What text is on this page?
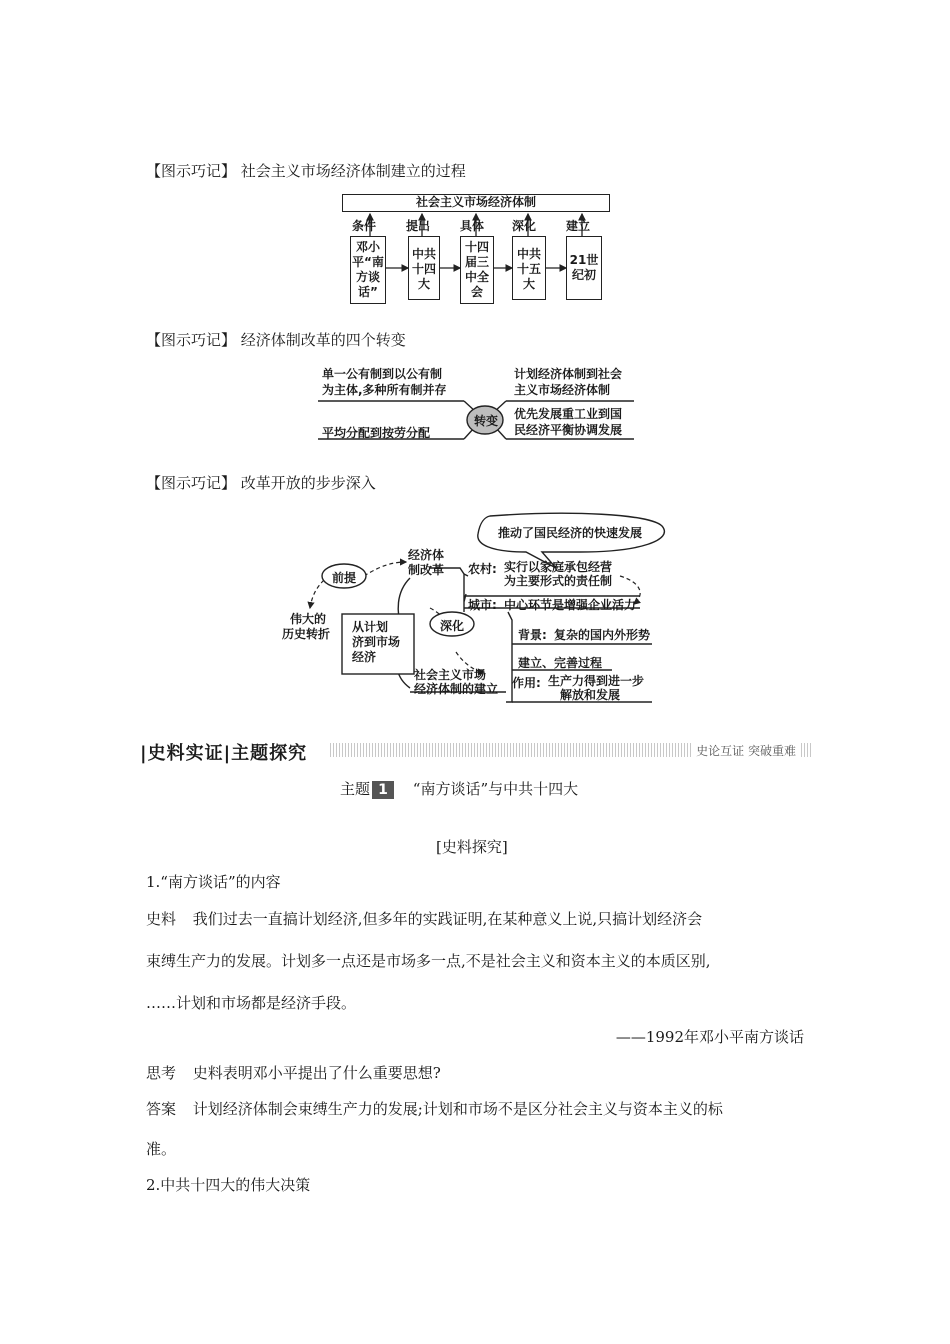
【图示巧记】 社会主义市场经济体制建立的过程
社会主义市场经济体制
条件 提出 具体 深化 建立
邓小
平“南
方谈
话”
中共
十四
大
十四
届三
中全
会
中共
十五
大
21世
纪初
【图示巧记】 经济体制改革的四个转变
转变
单一公有制到以公有制
为主体,多种所有制并存
平均分配到按劳分配
计划经济体制到社会
主义市场经济体制
优先发展重工业到国
民经济平衡协调发展
【图示巧记】 改革开放的步步深入
推动了国民经济的快速发展
经济体
制改革 农村: 实行以家庭承包经营
为主要形式的责任制
城市: 中心环节是增强企业活力
前提
伟大的
历史转折 从计划
济到市场
经济
深化
背景: 复杂的国内外形势
社会主义市场
经济体制的建立
建立、完善过程
作用: 生产力得到进一步
解放和发展
|史料实证|主题探究	史论互证 突破重难
主题 1 “南方谈话”与中共十四大
[史料探究]
1.“南方谈话”的内容
史料 我们过去一直搞计划经济,但多年的实践证明,在某种意义上说,只搞计划经济会
束缚生产力的发展。计划多一点还是市场多一点,不是社会主义和资本主义的本质区别,
……计划和市场都是经济手段。
——1992年邓小平南方谈话
思考 史料表明邓小平提出了什么重要思想?
答案 计划经济体制会束缚生产力的发展;计划和市场不是区分社会主义与资本主义的标
准。
2.中共十四大的伟大决策
